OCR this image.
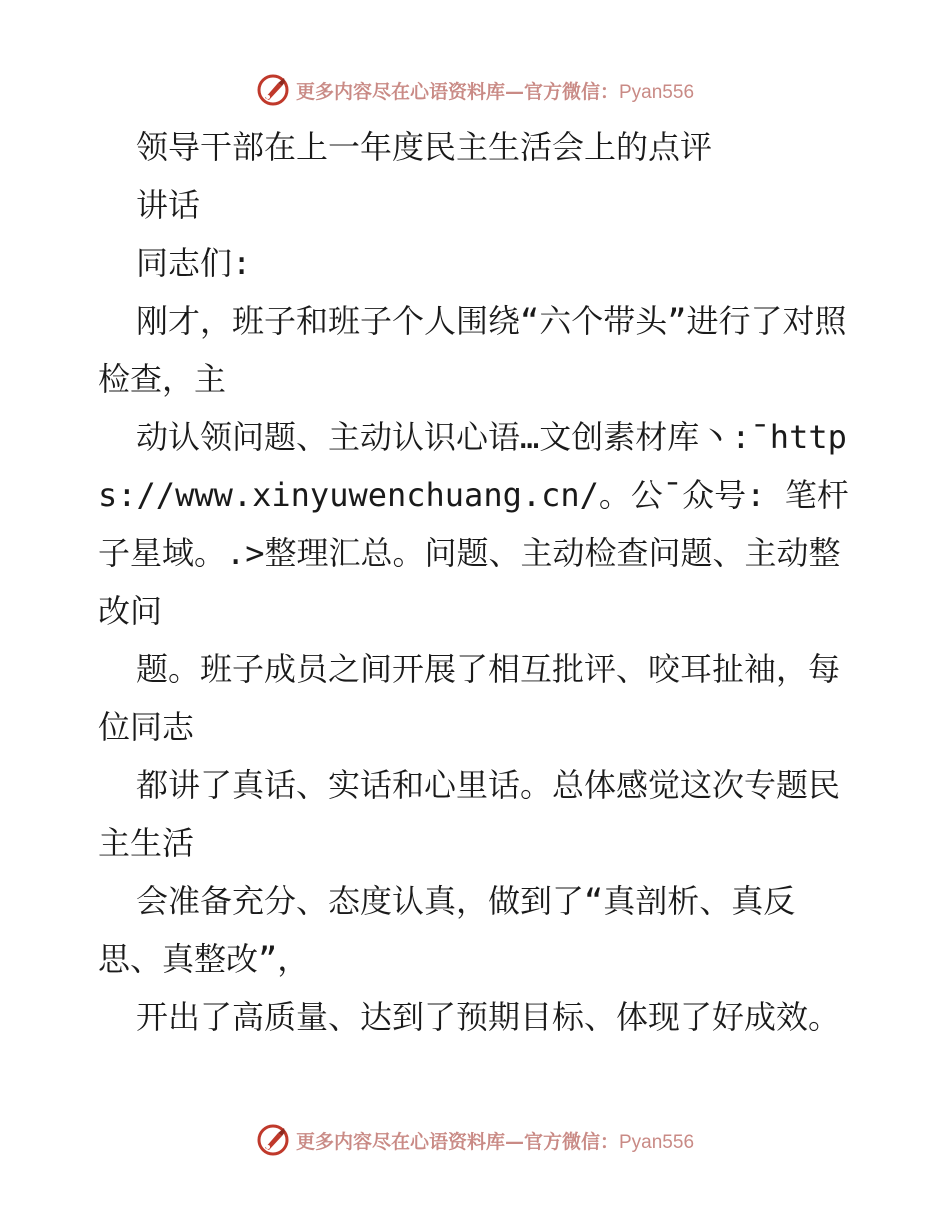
更多内容尽在心语资料库—官方微信：Pyan556

领导干部在上一年度民主生活会上的点评

讲话

同志们:

刚才，班子和班子个人围绕“六个带头”进行了对照检查，主

动认领问题、主动认识心语…文创素材库丶:¯https://www.xinyuwenchuang.cn/。公¯众号: 笔杆子星域。.>整理汇总。问题、主动检查问题、主动整改问

题。班子成员之间开展了相互批评、咬耳扯袖，每位同志

都讲了真话、实话和心里话。总体感觉这次专题民主生活

会准备充分、态度认真，做到了“真剖析、真反思、真整改”，

开出了高质量、达到了预期目标、体现了好成效。

更多内容尽在心语资料库—官方微信：Pyan556
